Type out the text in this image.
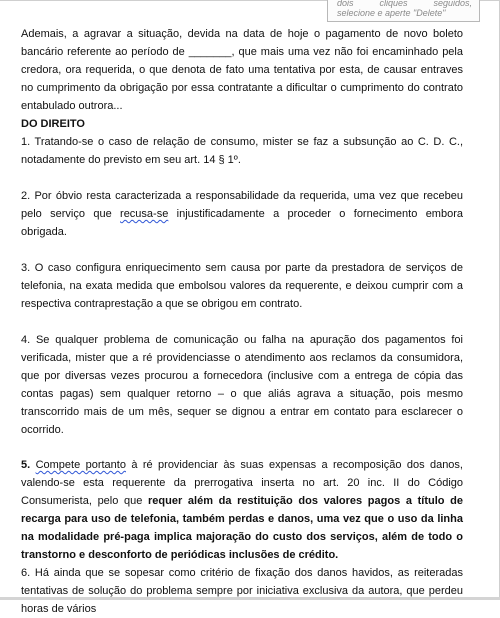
dois	cliques	seguidos,
selecione e aperte "Delete"

Ademais, a agravar a situação, devida na data de hoje o pagamento de novo boleto bancário referente ao período de _______, que mais uma vez não foi encaminhado pela credora, ora requerida, o que denota de fato uma tentativa por esta, de causar entraves no cumprimento da obrigação por essa contratante a dificultar o cumprimento do contrato entabulado outrora...

DO DIREITO

1. Tratando-se o caso de relação de consumo, mister se faz a subsunção ao C. D. C., notadamente do previsto em seu art. 14 § 1º.

2. Por óbvio resta caracterizada a responsabilidade da requerida, uma vez que recebeu pelo serviço que recusa-se injustificadamente a proceder o fornecimento embora obrigada.

3. O caso configura enriquecimento sem causa por parte da prestadora de serviços de telefonia, na exata medida que embolsou valores da requerente, e deixou cumprir com a respectiva contraprestação a que se obrigou em contrato.

4. Se qualquer problema de comunicação ou falha na apuração dos pagamentos foi verificada, mister que a ré providenciasse o atendimento aos reclamos da consumidora, que por diversas vezes procurou a fornecedora (inclusive com a entrega de cópia das contas pagas) sem qualquer retorno – o que aliás agrava a situação, pois mesmo transcorrido mais de um mês, sequer se dignou a entrar em contato para esclarecer o ocorrido.

5. Compete portanto à ré providenciar às suas expensas a recomposição dos danos, valendo-se esta requerente da prerrogativa inserta no art. 20 inc. II do Código Consumerista, pelo que requer além da restituição dos valores pagos a título de recarga para uso de telefonia, também perdas e danos, uma vez que o uso da linha na modalidade pré-paga implica majoração do custo dos serviços, além de todo o transtorno e desconforto de periódicas inclusões de crédito.

6. Há ainda que se sopesar como critério de fixação dos danos havidos, as reiteradas tentativas de solução do problema sempre por iniciativa exclusiva da autora, que perdeu horas de vários
